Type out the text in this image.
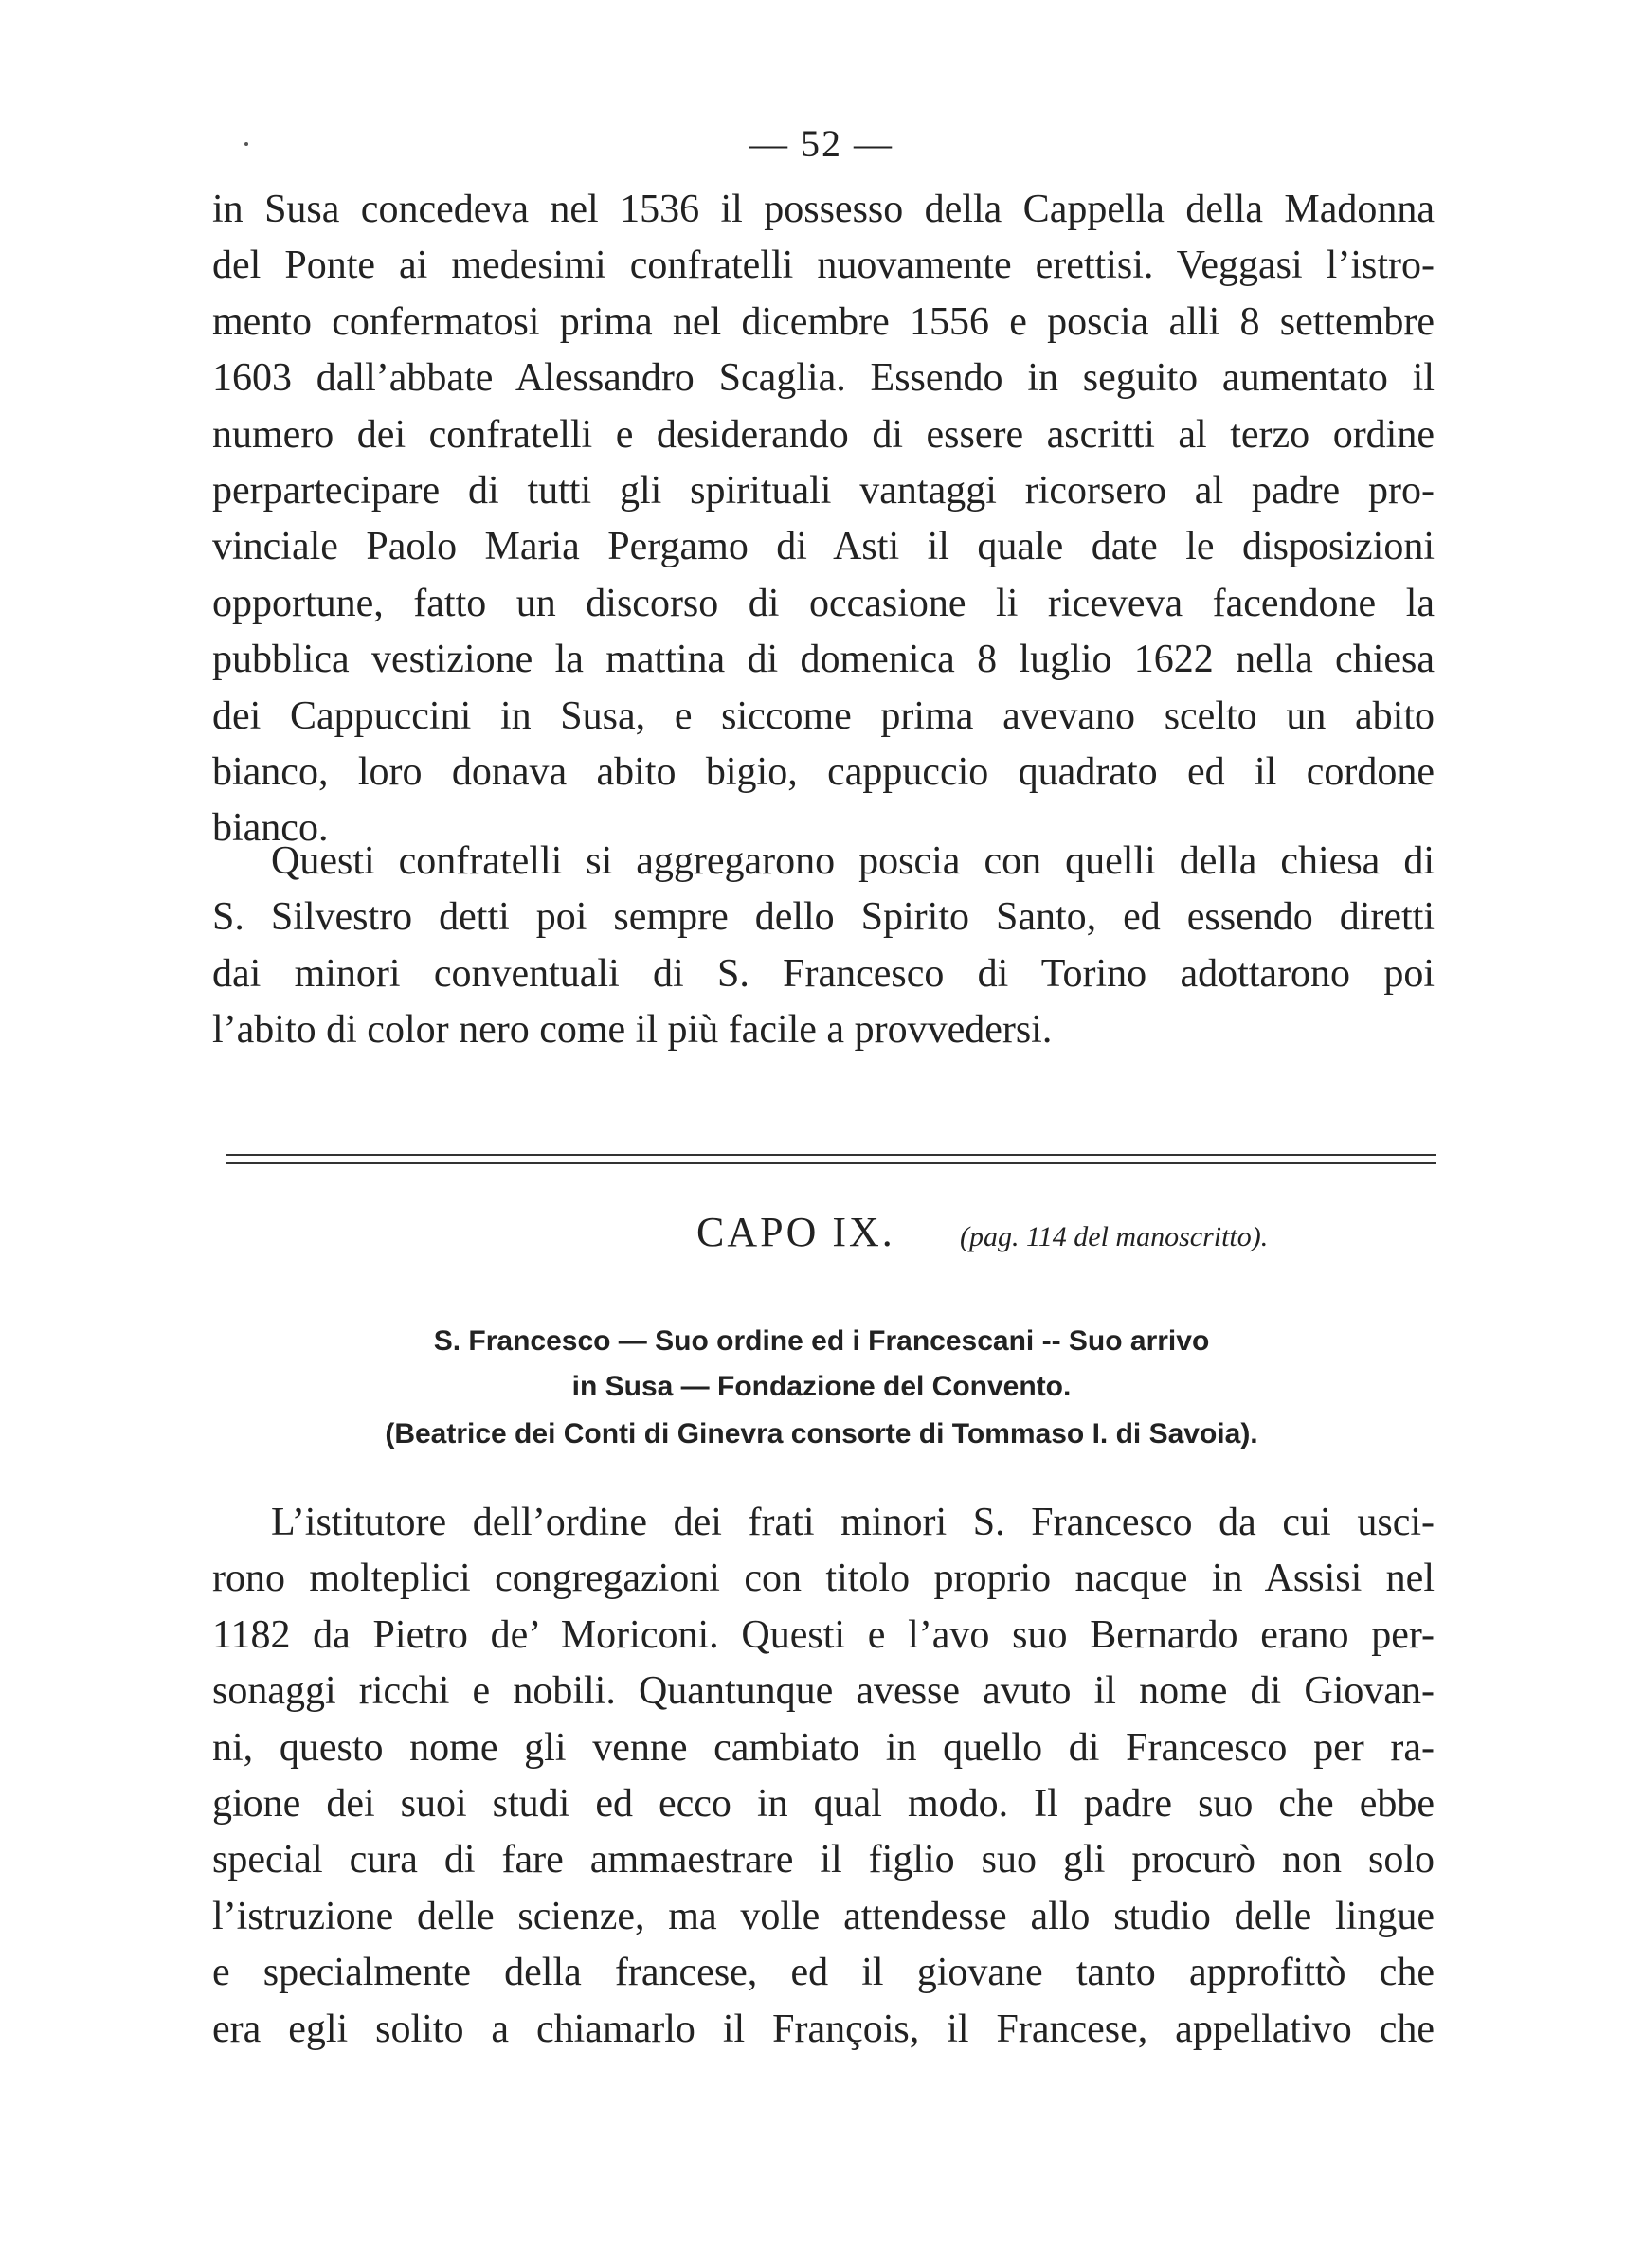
— 52 —
in Susa concedeva nel 1536 il possesso della Cappella della Madonna
del Ponte ai medesimi confratelli nuovamente erettisi. Veggasi l’istro-
mento confermatosi prima nel dicembre 1556 e poscia alli 8 settembre
1603 dall’abbate Alessandro Scaglia. Essendo in seguito aumentato il
numero dei confratelli e desiderando di essere ascritti al terzo ordine
perpartecipare di tutti gli spirituali vantaggi ricorsero al padre pro-
vinciale Paolo Maria Pergamo di Asti il quale date le disposizioni
opportune, fatto un discorso di occasione li riceveva facendone la
pubblica vestizione la mattina di domenica 8 luglio 1622 nella chiesa
dei Cappuccini in Susa, e siccome prima avevano scelto un abito
bianco, loro donava abito bigio, cappuccio quadrato ed il cordone
bianco.
Questi confratelli si aggregarono poscia con quelli della chiesa di
S. Silvestro detti poi sempre dello Spirito Santo, ed essendo diretti
dai minori conventuali di S. Francesco di Torino adottarono poi
l’abito di color nero come il più facile a provvedersi.
CAPO IX. (pag. 114 del manoscritto).
S. Francesco — Suo ordine ed i Francescani -- Suo arrivo
in Susa — Fondazione del Convento.
(Beatrice dei Conti di Ginevra consorte di Tommaso I. di Savoia).
L’istitutore dell’ordine dei frati minori S. Francesco da cui usci-
rono molteplici congregazioni con titolo proprio nacque in Assisi nel
1182 da Pietro de’ Moriconi. Questi e l’avo suo Bernardo erano per-
sonaggi ricchi e nobili. Quantunque avesse avuto il nome di Giovan-
ni, questo nome gli venne cambiato in quello di Francesco per ra-
gione dei suoi studi ed ecco in qual modo. Il padre suo che ebbe
special cura di fare ammaestrare il figlio suo gli procurò non solo
l’istruzione delle scienze, ma volle attendesse allo studio delle lingue
e specialmente della francese, ed il giovane tanto approfittò che
era egli solito a chiamarlo il François, il Francese, appellativo che
